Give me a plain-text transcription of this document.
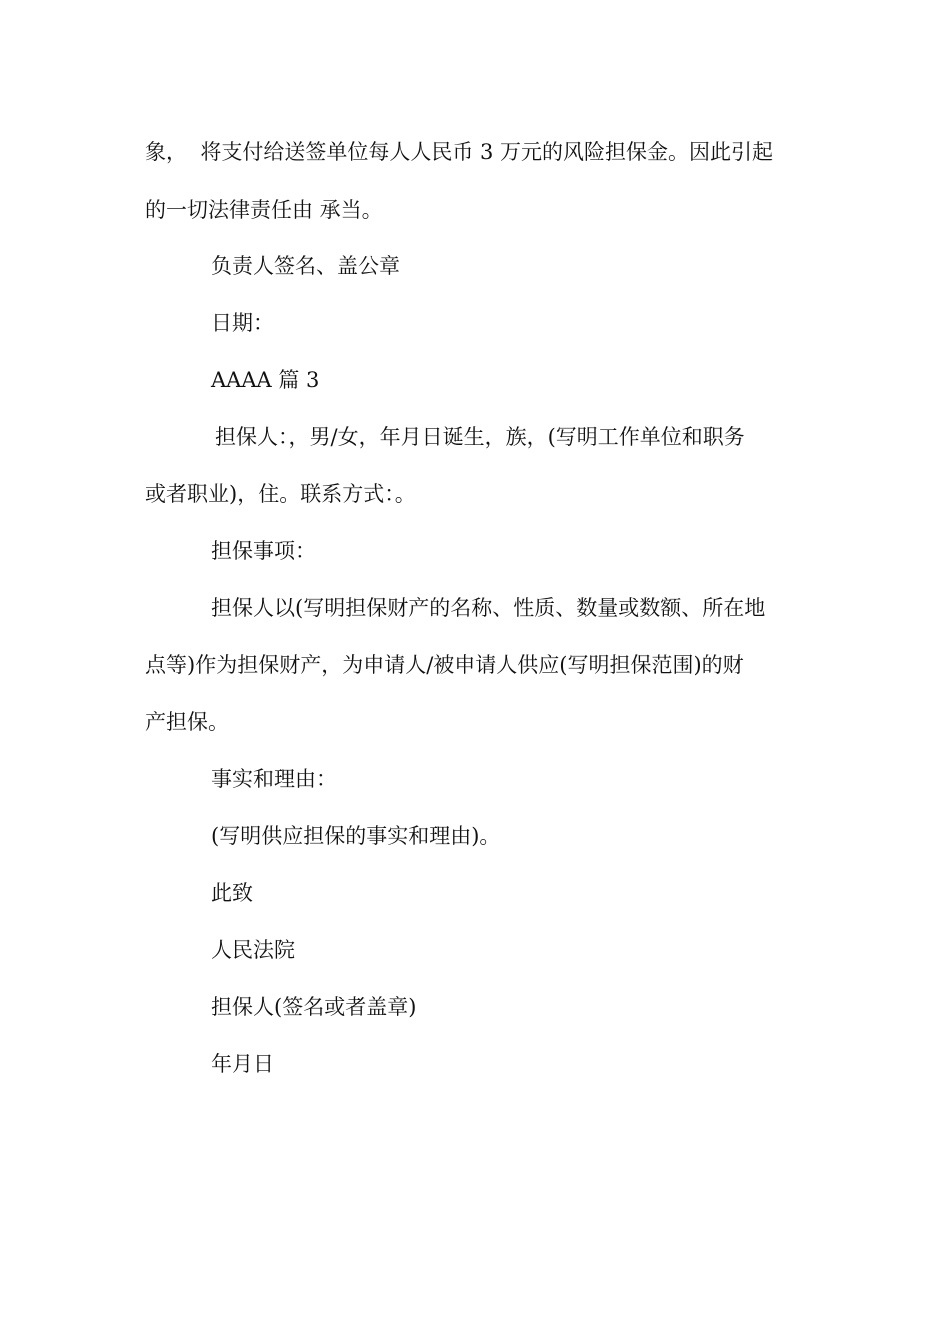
象，  将支付给送签单位每人人民币 3 万元的风险担保金。因此引起
的一切法律责任由 承当。
负责人签名、盖公章
日期：
AAAA 篇 3
担保人：，男/女，年月日诞生，族，(写明工作单位和职务
或者职业)，住。联系方式：。
担保事项：
担保人以(写明担保财产的名称、性质、数量或数额、所在地
点等)作为担保财产，为申请人/被申请人供应(写明担保范围)的财
产担保。
事实和理由：
(写明供应担保的事实和理由)。
此致
人民法院
担保人(签名或者盖章)
年月日
